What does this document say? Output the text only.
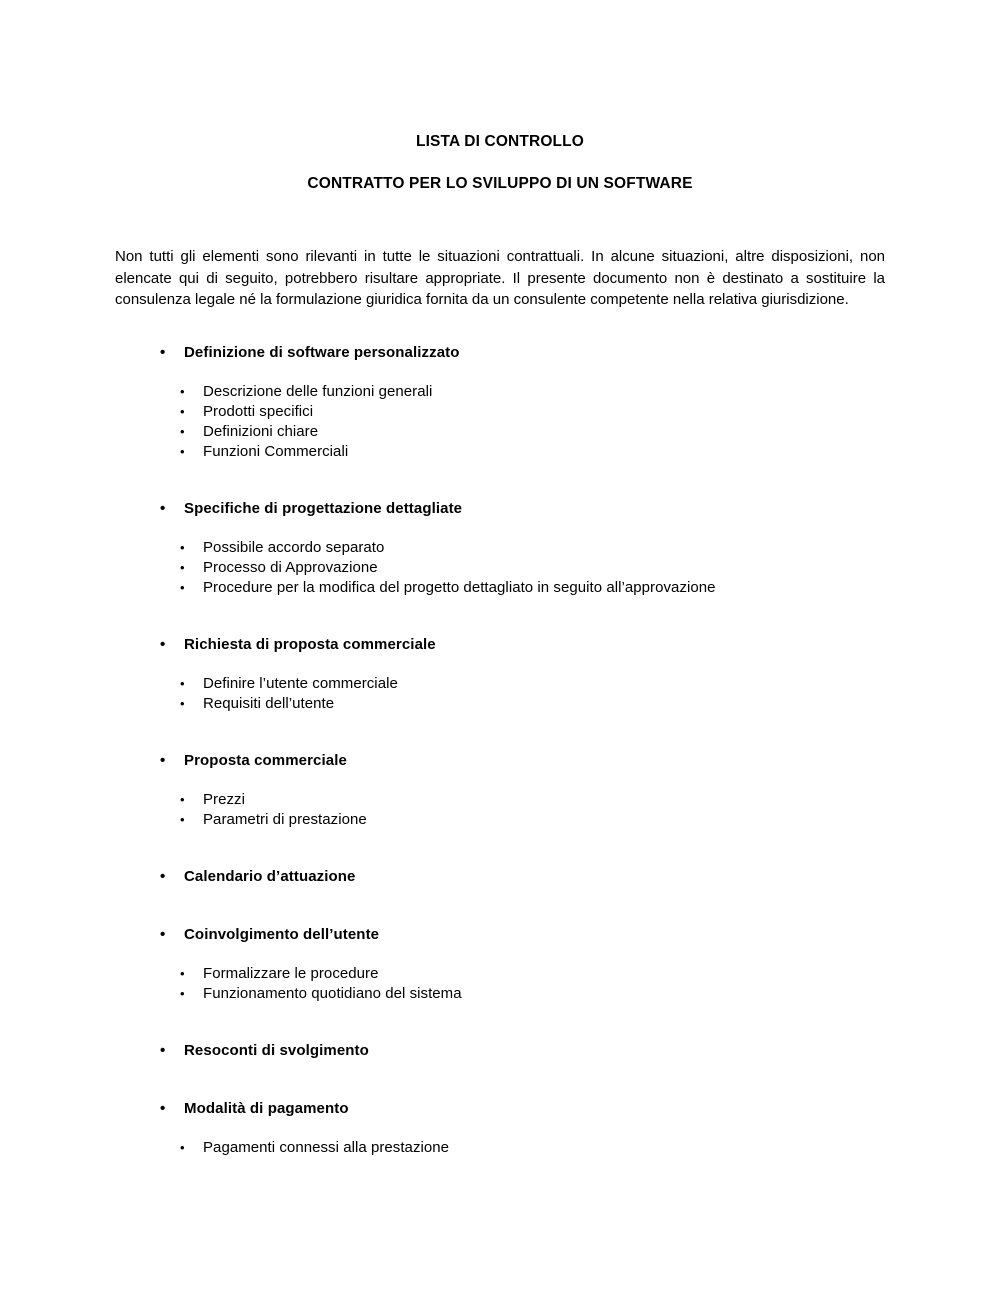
LISTA DI CONTROLLO
CONTRATTO PER LO SVILUPPO DI UN SOFTWARE

Non tutti gli elementi sono rilevanti in tutte le situazioni contrattuali. In alcune situazioni, altre disposizioni, non elencate qui di seguito, potrebbero risultare appropriate. Il presente documento non è destinato a sostituire la consulenza legale né la formulazione giuridica fornita da un consulente competente nella relativa giurisdizione.

•	Definizione di software personalizzato
•	Descrizione delle funzioni generali
•	Prodotti specifici
•	Definizioni chiare
•	Funzioni Commerciali
•	Specifiche di progettazione dettagliate
•	Possibile accordo separato
•	Processo di Approvazione
•	Procedure per la modifica del progetto dettagliato in seguito all’approvazione
•	Richiesta di proposta commerciale
•	Definire l’utente commerciale
•	Requisiti dell’utente
•	Proposta commerciale
•	Prezzi
•	Parametri di prestazione
•	Calendario d’attuazione
•	Coinvolgimento dell’utente
•	Formalizzare le procedure
•	Funzionamento quotidiano del sistema
•	Resoconti di svolgimento
•	Modalità di pagamento
•	Pagamenti connessi alla prestazione
